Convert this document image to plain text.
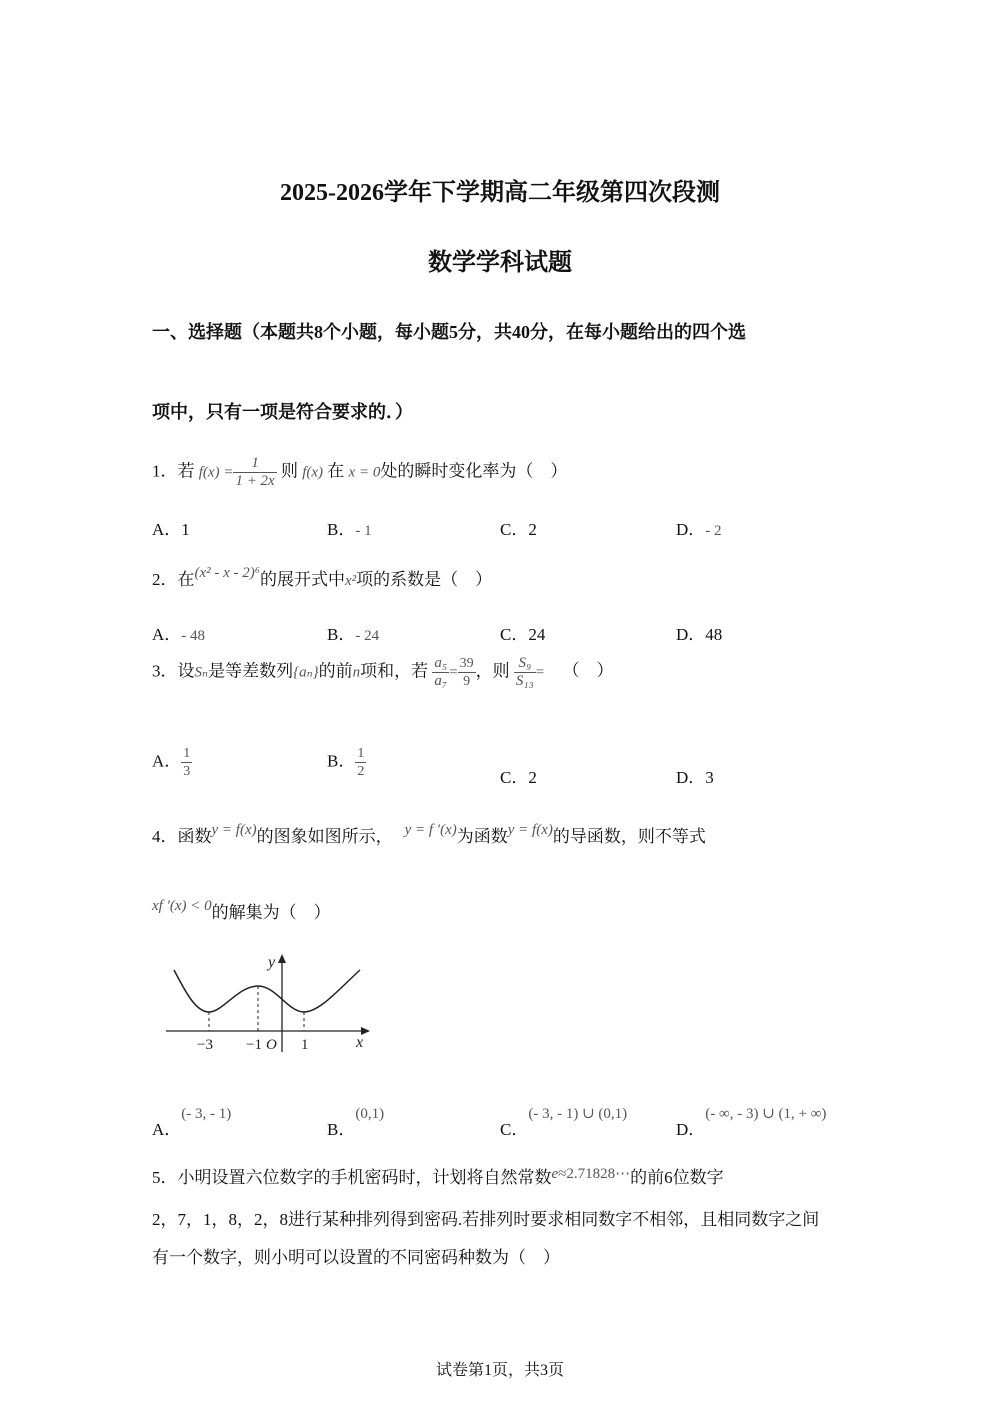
2025-2026学年下学期高二年级第四次段测
数学学科试题
一、选择题（本题共8个小题，每小题5分，共40分，在每小题给出的四个选
项中，只有一项是符合要求的．）
1．若 $f(x) = \frac{1}{1 + 2x}$ 则 f(x) 在 x = 0处的瞬时变化率为（　）
A．1	B．- 1	C．2	D．- 2
2．在(x² - x - 2)⁶的展开式中x²项的系数是（　）
A．- 48	B．- 24	C．24	D．48
3．设Sₙ是等差数列{aₙ}的前n项和，若 $\frac{\text{a₅}}{\text{a₇}} = \frac{39}{9}$ ，则 $\frac{\text{S₉}}{\text{S₁₃}}$ = （　）
A． $\frac{1}{3}$	B． $\frac{1}{2}$	C．2	D．3
4．函数y = f(x)的图象如图所示， y = f ′(x)为函数y = f(x)的导函数，则不等式
xf ′(x) < 0的解集为（　）
y
x
−3 −1 O 1
A．(- 3, - 1)
B．(0,1)
C．(- 3, - 1) ∪ (0,1)
D．(- ∞, - 3) ∪ (1, + ∞)
5．小明设置六位数字的手机密码时，计划将自然常数e≈2.71828⋯的前6位数字
2，7，1，8，2，8进行某种排列得到密码.若排列时要求相同数字不相邻，且相同数字之间
有一个数字，则小明可以设置的不同密码种数为（　）
试卷第1页，共3页
